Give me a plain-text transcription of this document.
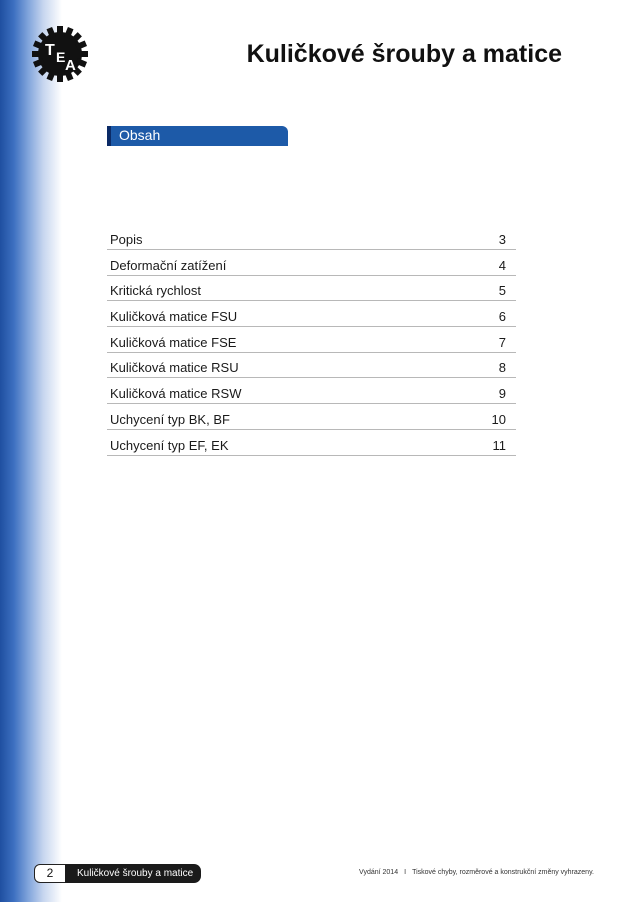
T E A	Kuličkové šrouby a matice
Obsah
Popis	3
Deformační zatížení	4
Kritická rychlost	5
Kuličková matice FSU	6
Kuličková matice FSE	7
Kuličková matice RSU	8
Kuličková matice RSW	9
Uchycení typ BK, BF	10
Uchycení typ EF, EK	11
2	Kuličkové šrouby a matice	Vydání 2014 I Tiskové chyby, rozměrové a konstrukční změny vyhrazeny.
